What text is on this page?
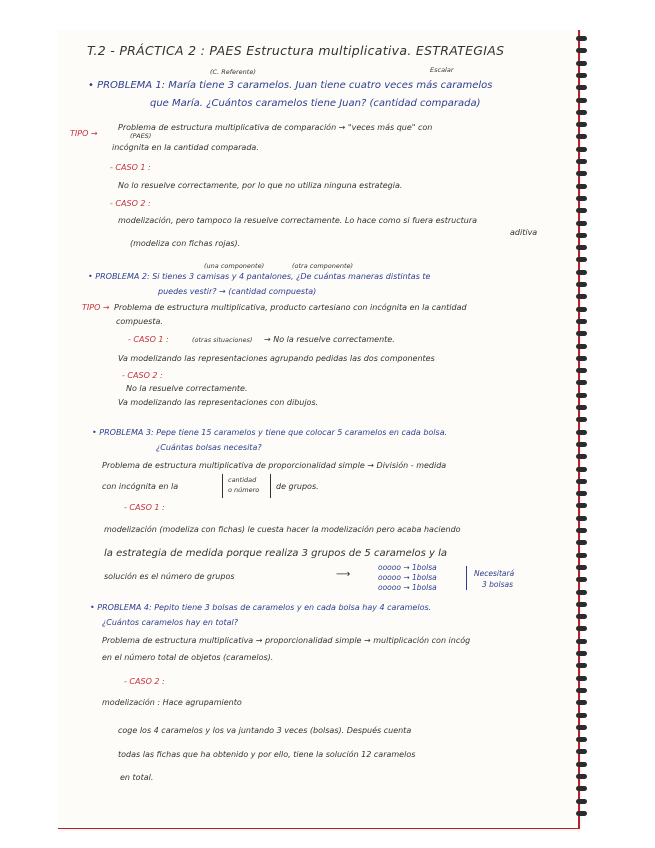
T.2 - PRÁCTICA 2 : PAES Estructura multiplicativa. ESTRATEGIAS
(C. Referente)	Escalar
• PROBLEMA 1: María tiene 3 caramelos. Juan tiene cuatro veces más caramelos
que María. ¿Cuántos caramelos tiene Juan? (cantidad comparada)
TIPO →
Problema de estructura multiplicativa de comparación → "veces más que" con
(PAES)
incógnita en la cantidad comparada.
- CASO 1 :
No lo resuelve correctamente, por lo que no utiliza ninguna estrategia.
- CASO 2 :
modelización, pero tampoco la resuelve correctamente. Lo hace como si fuera estructura
aditiva
(modeliza con fichas rojas).
(una componente)	(otra componente)
• PROBLEMA 2: Si tienes 3 camisas y 4 pantalones, ¿De cuántas maneras distintas te
puedes vestir? → (cantidad compuesta)
TIPO → Problema de estructura multiplicativa, producto cartesiano con incógnita en la cantidad
compuesta.
- CASO 1 :	(otras situaciones) → No la resuelve correctamente.
Va modelizando las representaciones agrupando pedidas las dos componentes
- CASO 2 :
No la resuelve correctamente.
Va modelizando las representaciones con dibujos.
• PROBLEMA 3: Pepe tiene 15 caramelos y tiene que colocar 5 caramelos en cada bolsa.
¿Cuántas bolsas necesita?
Problema de estructura multiplicativa de proporcionalidad simple → División - medida
con incógnita en la
cantidad
o número de grupos.
- CASO 1 :
modelización (modeliza con fichas) le cuesta hacer la modelización pero acaba haciendo
la estrategia de medida porque realiza 3 grupos de 5 caramelos y la
solución es el número de grupos	⟶
ooooo → 1bolsa
ooooo → 1bolsa
ooooo → 1bolsa
Necesitará
3 bolsas
• PROBLEMA 4: Pepito tiene 3 bolsas de caramelos y en cada bolsa hay 4 caramelos.
¿Cuántos caramelos hay en total?
Problema de estructura multiplicativa → proporcionalidad simple → multiplicación con incóg
en el número total de objetos (caramelos).
- CASO 2 :
modelización : Hace agrupamiento
coge los 4 caramelos y los va juntando 3 veces (bolsas). Después cuenta
todas las fichas que ha obtenido y por ello, tiene la solución 12 caramelos
en total.
